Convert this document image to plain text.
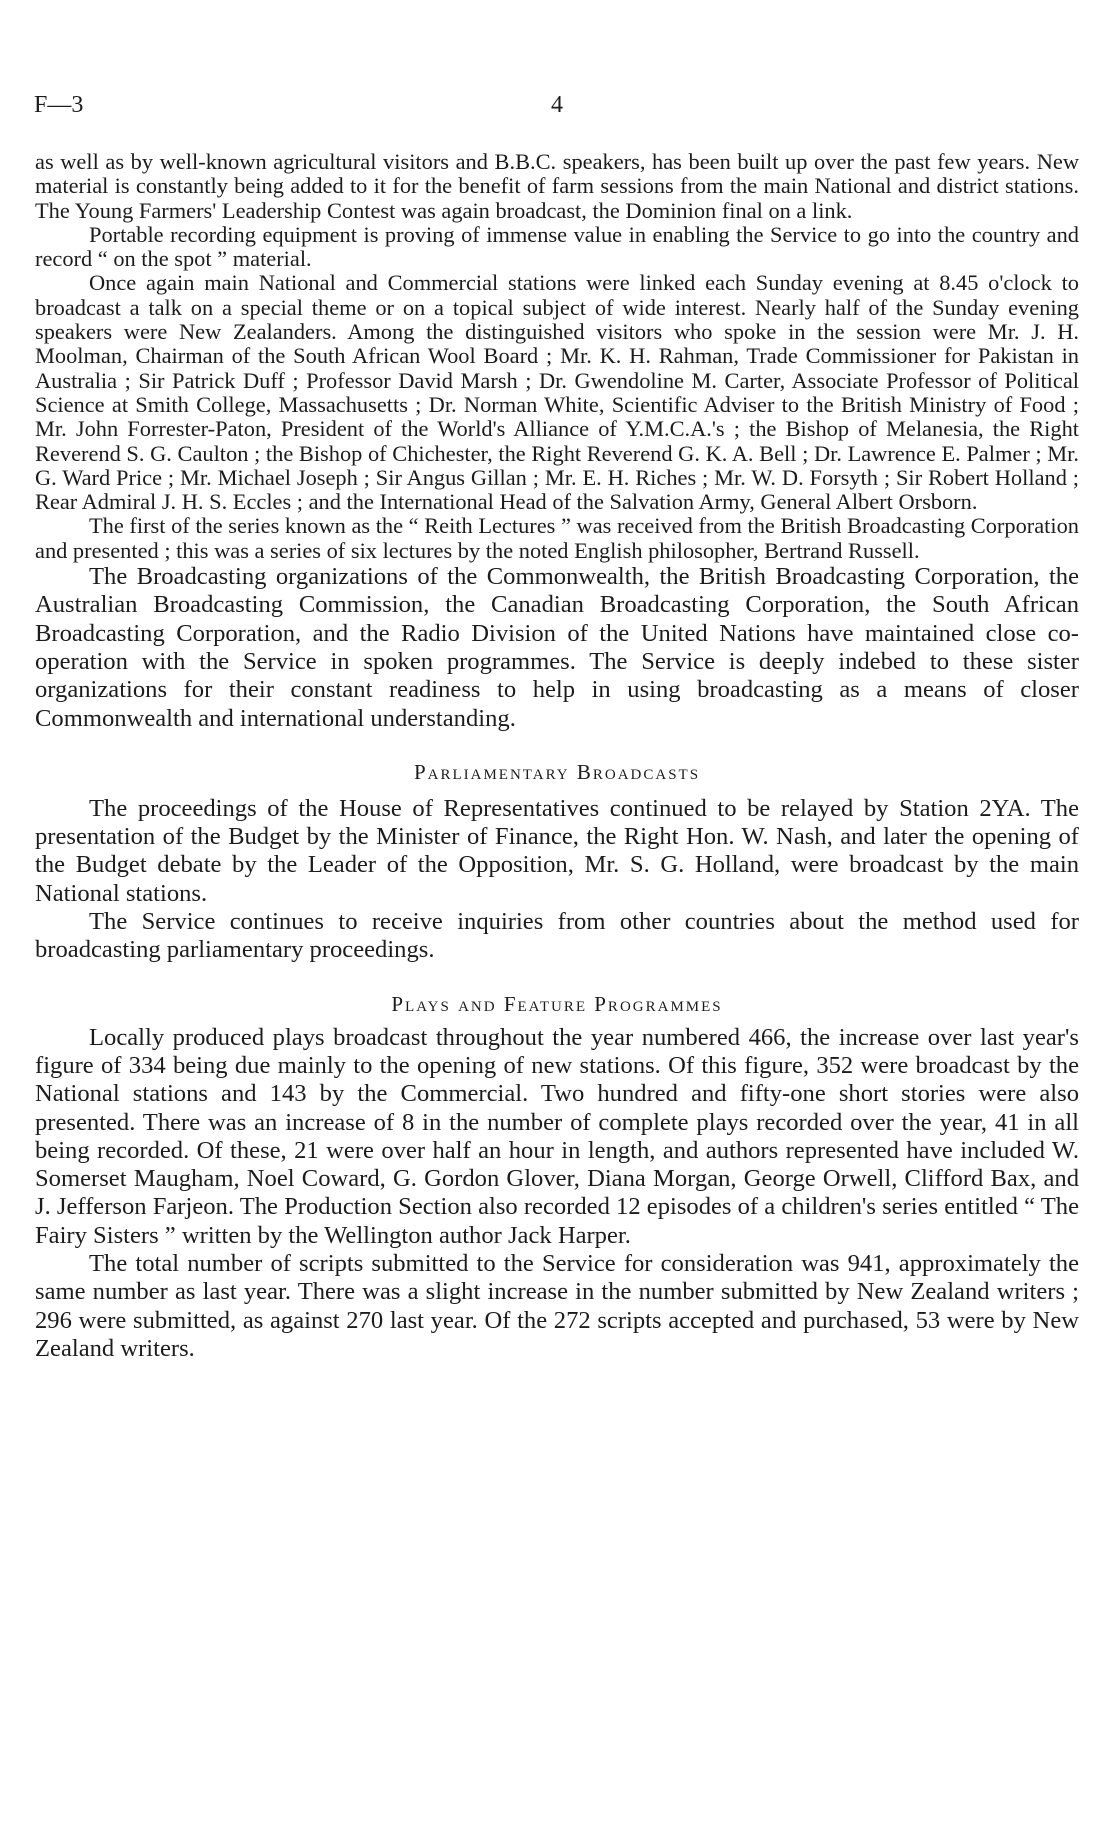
F—3	4

as well as by well-known agricultural visitors and B.B.C. speakers, has been built up over the past few years. New material is constantly being added to it for the benefit of farm sessions from the main National and district stations. The Young Farmers' Leadership Contest was again broadcast, the Dominion final on a link.

Portable recording equipment is proving of immense value in enabling the Service to go into the country and record “ on the spot ” material.

Once again main National and Commercial stations were linked each Sunday evening at 8.45 o'clock to broadcast a talk on a special theme or on a topical subject of wide interest. Nearly half of the Sunday evening speakers were New Zealanders. Among the distinguished visitors who spoke in the session were Mr. J. H. Moolman, Chairman of the South African Wool Board ; Mr. K. H. Rahman, Trade Commissioner for Pakistan in Australia ; Sir Patrick Duff ; Professor David Marsh ; Dr. Gwendoline M. Carter, Associate Professor of Political Science at Smith College, Massachusetts ; Dr. Norman White, Scientific Adviser to the British Ministry of Food ; Mr. John Forrester-Paton, President of the World's Alliance of Y.M.C.A.'s ; the Bishop of Melanesia, the Right Reverend S. G. Caulton ; the Bishop of Chichester, the Right Reverend G. K. A. Bell ; Dr. Lawrence E. Palmer ; Mr. G. Ward Price ; Mr. Michael Joseph ; Sir Angus Gillan ; Mr. E. H. Riches ; Mr. W. D. Forsyth ; Sir Robert Holland ; Rear Admiral J. H. S. Eccles ; and the International Head of the Salvation Army, General Albert Orsborn.

The first of the series known as the “ Reith Lectures ” was received from the British Broadcasting Corporation and presented ; this was a series of six lectures by the noted English philosopher, Bertrand Russell.

The Broadcasting organizations of the Commonwealth, the British Broadcasting Corporation, the Australian Broadcasting Commission, the Canadian Broadcasting Corporation, the South African Broadcasting Corporation, and the Radio Division of the United Nations have maintained close co-operation with the Service in spoken programmes. The Service is deeply indebed to these sister organizations for their constant readiness to help in using broadcasting as a means of closer Commonwealth and international understanding.

Parliamentary Broadcasts

The proceedings of the House of Representatives continued to be relayed by Station 2YA. The presentation of the Budget by the Minister of Finance, the Right Hon. W. Nash, and later the opening of the Budget debate by the Leader of the Opposition, Mr. S. G. Holland, were broadcast by the main National stations.

The Service continues to receive inquiries from other countries about the method used for broadcasting parliamentary proceedings.

Plays and Feature Programmes

Locally produced plays broadcast throughout the year numbered 466, the increase over last year's figure of 334 being due mainly to the opening of new stations. Of this figure, 352 were broadcast by the National stations and 143 by the Commercial. Two hundred and fifty-one short stories were also presented. There was an increase of 8 in the number of complete plays recorded over the year, 41 in all being recorded. Of these, 21 were over half an hour in length, and authors represented have included W. Somerset Maugham, Noel Coward, G. Gordon Glover, Diana Morgan, George Orwell, Clifford Bax, and J. Jefferson Farjeon. The Production Section also recorded 12 episodes of a children's series entitled “ The Fairy Sisters ” written by the Wellington author Jack Harper.

The total number of scripts submitted to the Service for consideration was 941, approximately the same number as last year. There was a slight increase in the number submitted by New Zealand writers ; 296 were submitted, as against 270 last year. Of the 272 scripts accepted and purchased, 53 were by New Zealand writers.
